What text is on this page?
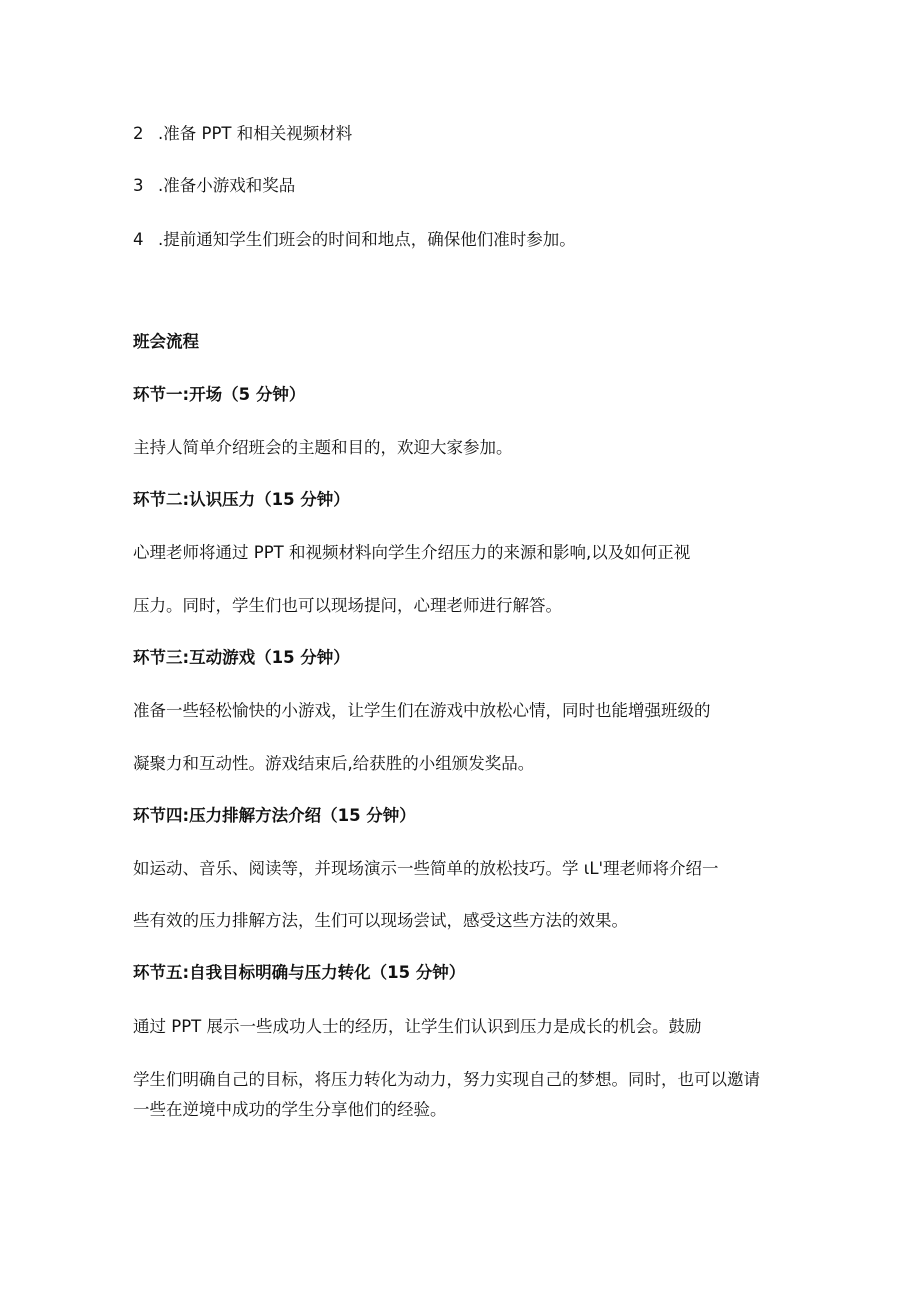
2 .准备 PPT 和相关视频材料
3 .准备小游戏和奖品
4 .提前通知学生们班会的时间和地点，确保他们准时参加。
班会流程
环节一:开场（5 分钟）
主持人简单介绍班会的主题和目的，欢迎大家参加。
环节二:认识压力（15 分钟）
心理老师将通过 PPT 和视频材料向学生介绍压力的来源和影响,以及如何正视
压力。同时，学生们也可以现场提问，心理老师进行解答。
环节三:互动游戏（15 分钟）
准备一些轻松愉快的小游戏，让学生们在游戏中放松心情，同时也能增强班级的
凝聚力和互动性。游戏结束后,给获胜的小组颁发奖品。
环节四:压力排解方法介绍（15 分钟）
如运动、音乐、阅读等，并现场演示一些简单的放松技巧。学 ιL'理老师将介绍一
些有效的压力排解方法，生们可以现场尝试，感受这些方法的效果。
环节五:自我目标明确与压力转化（15 分钟）
通过 PPT 展示一些成功人士的经历，让学生们认识到压力是成长的机会。鼓励
学生们明确自己的目标，将压力转化为动力，努力实现自己的梦想。同时，也可以邀请
一些在逆境中成功的学生分享他们的经验。
